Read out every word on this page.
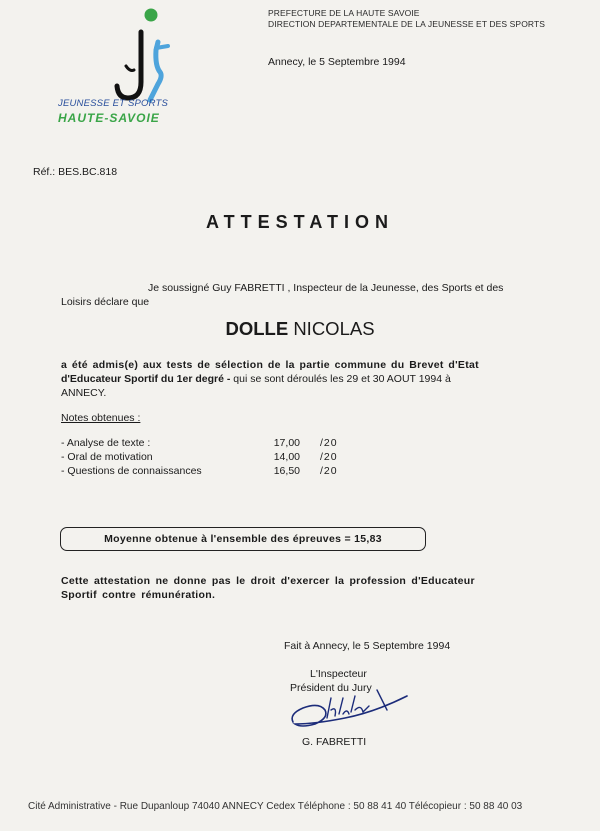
JEUNESSE ET SPORTS
HAUTE-SAVOIE
PREFECTURE DE LA HAUTE SAVOIE
DIRECTION DEPARTEMENTALE DE LA JEUNESSE ET DES SPORTS
Annecy, le 5 Septembre 1994
Réf.: BES.BC.818
ATTESTATION
Je soussigné Guy FABRETTI , Inspecteur de la Jeunesse, des Sports et des
Loisirs déclare que
DOLLE NICOLAS
a été admis(e) aux tests de sélection de la partie commune du Brevet d'Etat
d'Educateur Sportif du 1er degré - qui se sont déroulés les 29 et 30 AOUT 1994 à
ANNECY.
Notes obtenues :
- Analyse de texte :	17,00 /20
- Oral de motivation	14,00 /20
- Questions de connaissances	16,50 /20
Moyenne obtenue à l'ensemble des épreuves = 15,83
Cette attestation ne donne pas le droit d'exercer la profession d'Educateur
Sportif contre rémunération.
Fait à Annecy, le 5 Septembre 1994
L'Inspecteur
Président du Jury
G. FABRETTI
Cité Administrative - Rue Dupanloup 74040 ANNECY Cedex Téléphone : 50 88 41 40 Télécopieur : 50 88 40 03
